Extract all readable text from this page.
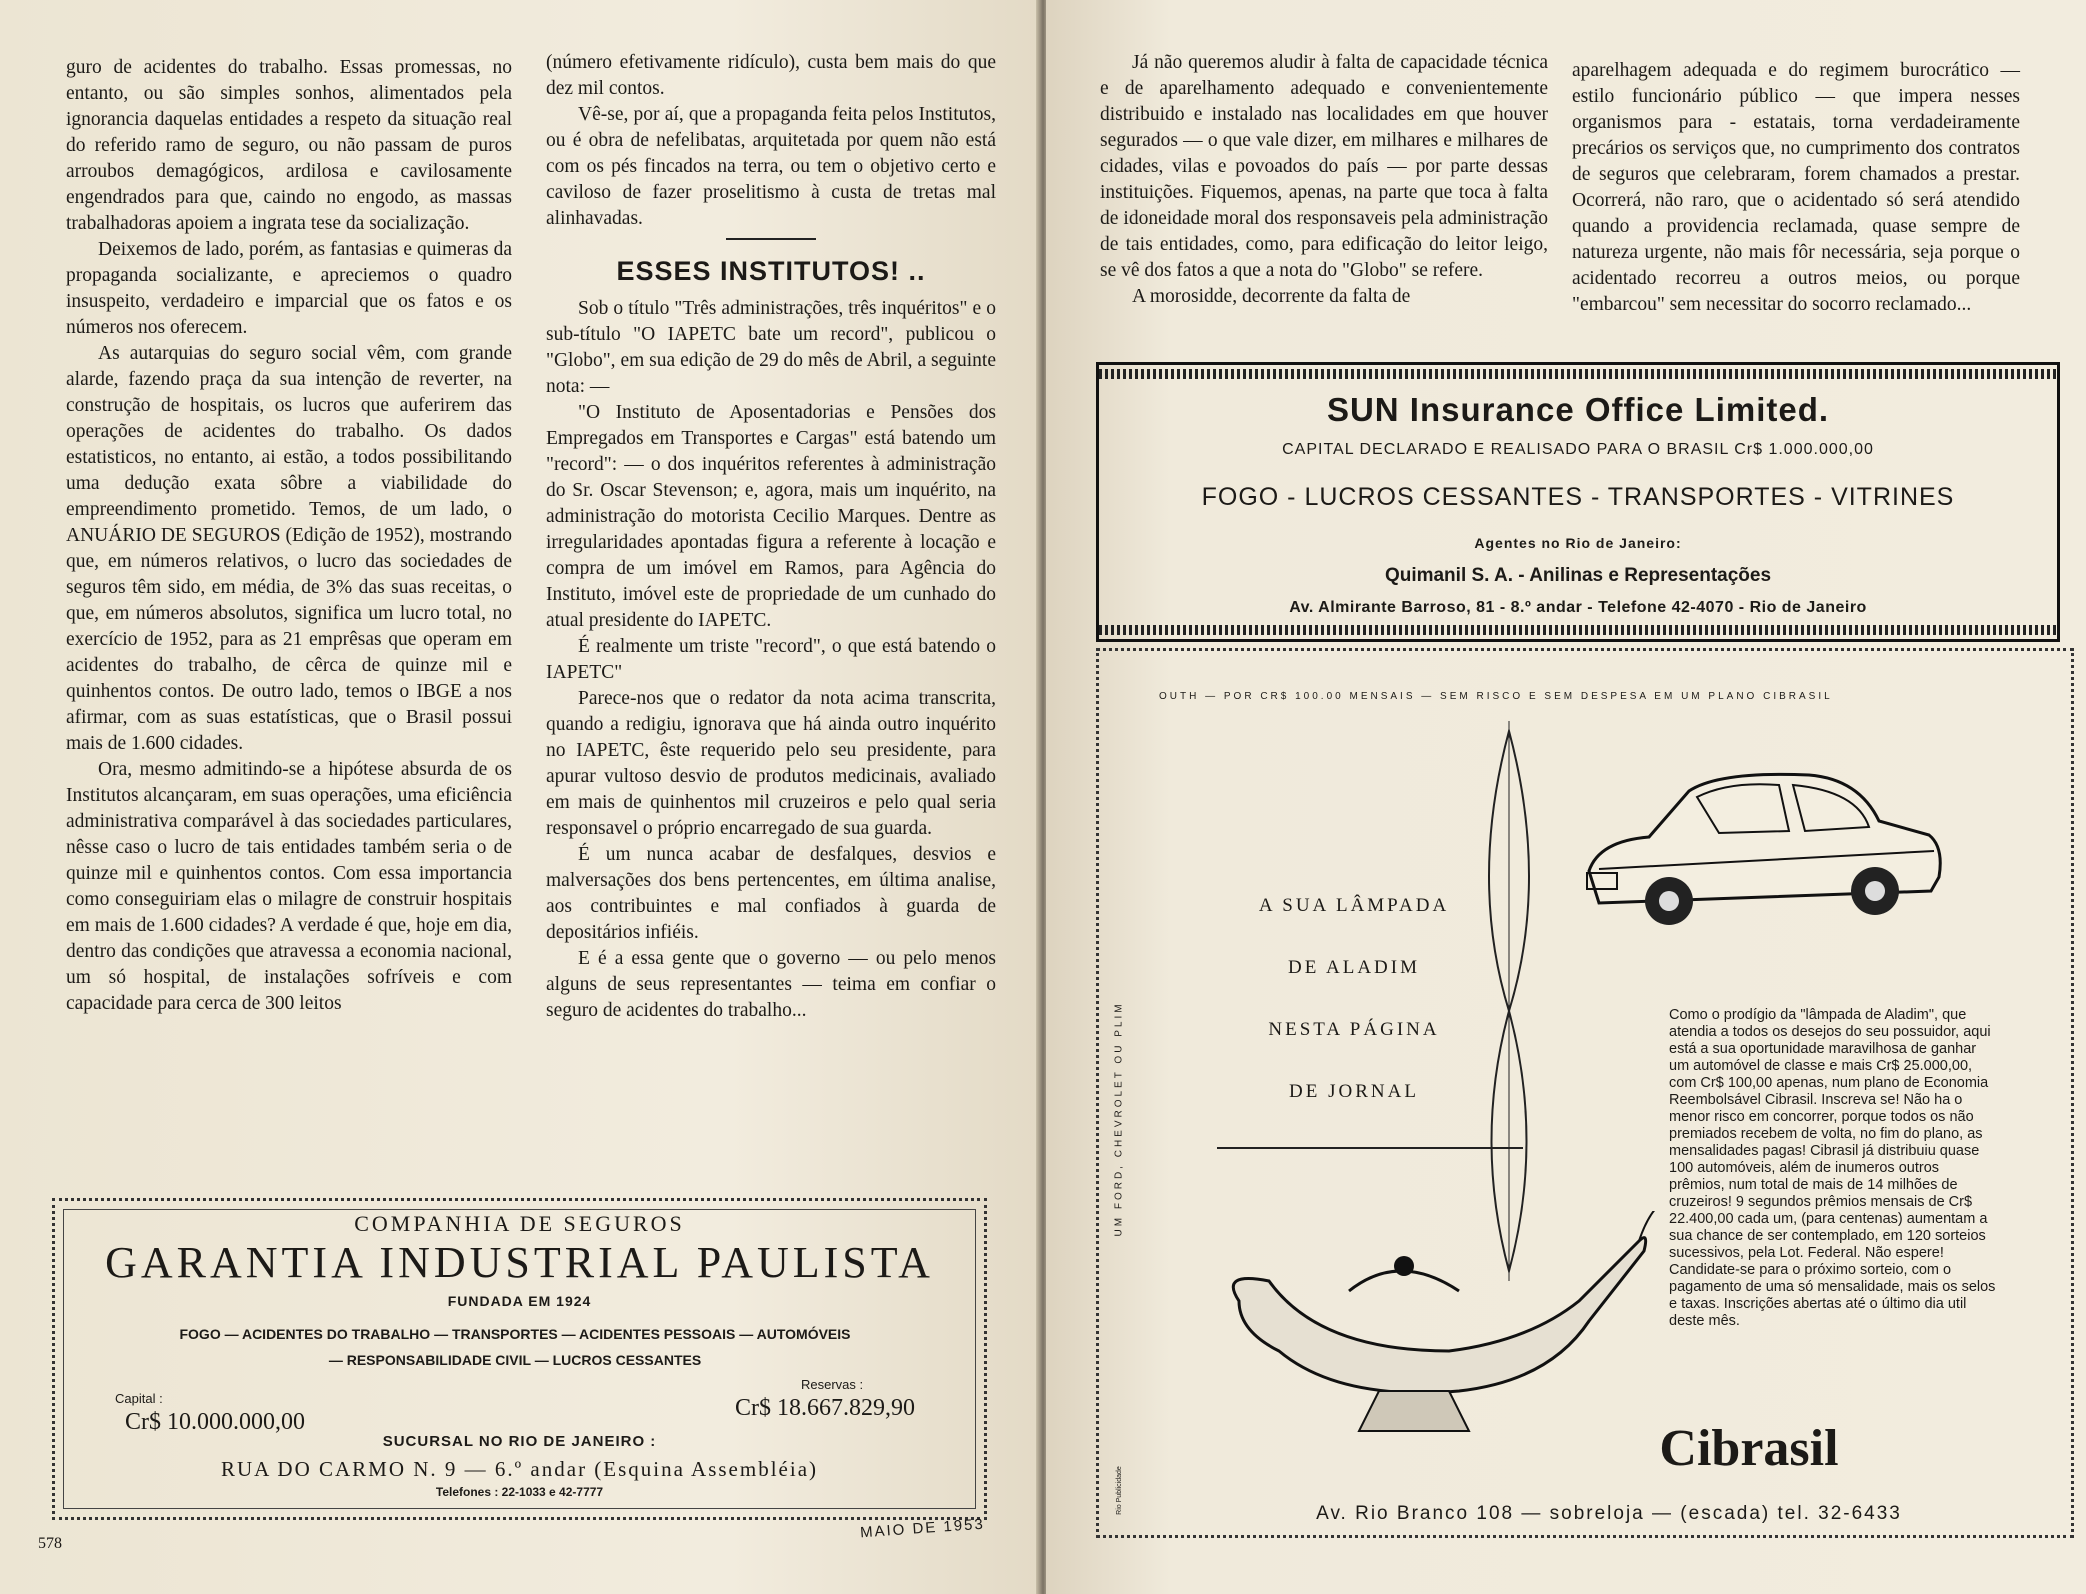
guro de acidentes do trabalho. Essas promessas, no entanto, ou são simples sonhos, alimentados pela ignorancia daquelas entidades a respeto da situação real do referido ramo de seguro, ou não passam de puros arroubos demagógicos, ardilosa e cavilosamente engendrados para que, caindo no engodo, as massas trabalhadoras apoiem a ingrata tese da socialização.

Deixemos de lado, porém, as fantasias e quimeras da propaganda socializante, e apreciemos o quadro insuspeito, verdadeiro e imparcial que os fatos e os números nos oferecem.

As autarquias do seguro social vêm, com grande alarde, fazendo praça da sua intenção de reverter, na construção de hospitais, os lucros que auferirem das operações de acidentes do trabalho. Os dados estatisticos, no entanto, ai estão, a todos possibilitando uma dedução exata sôbre a viabilidade do empreendimento prometido. Temos, de um lado, o ANUÁRIO DE SEGUROS (Edição de 1952), mostrando que, em números relativos, o lucro das sociedades de seguros têm sido, em média, de 3% das suas receitas, o que, em números absolutos, significa um lucro total, no exercício de 1952, para as 21 emprêsas que operam em acidentes do trabalho, de cêrca de quinze mil e quinhentos contos. De outro lado, temos o IBGE a nos afirmar, com as suas estatísticas, que o Brasil possui mais de 1.600 cidades.

Ora, mesmo admitindo-se a hipótese absurda de os Institutos alcançaram, em suas operações, uma eficiência administrativa comparável à das sociedades particulares, nêsse caso o lucro de tais entidades também seria o de quinze mil e quinhentos contos. Com essa importancia como conseguiriam elas o milagre de construir hospitais em mais de 1.600 cidades? A verdade é que, hoje em dia, dentro das condições que atravessa a economia nacional, um só hospital, de instalações sofríveis e com capacidade para cerca de 300 leitos

(número efetivamente ridículo), custa bem mais do que dez mil contos.

Vê-se, por aí, que a propaganda feita pelos Institutos, ou é obra de nefelibatas, arquitetada por quem não está com os pés fincados na terra, ou tem o objetivo certo e caviloso de fazer proselitismo à custa de tretas mal alinhavadas.

ESSES INSTITUTOS! ..

Sob o título "Três administrações, três inquéritos" e o sub-título "O IAPETC bate um record", publicou o "Globo", em sua edição de 29 do mês de Abril, a seguinte nota: —

"O Instituto de Aposentadorias e Pensões dos Empregados em Transportes e Cargas" está batendo um "record": — o dos inquéritos referentes à administração do Sr. Oscar Stevenson; e, agora, mais um inquérito, na administração do motorista Cecilio Marques. Dentre as irregularidades apontadas figura a referente à locação e compra de um imóvel em Ramos, para Agência do Instituto, imóvel este de propriedade de um cunhado do atual presidente do IAPETC.

É realmente um triste "record", o que está batendo o IAPETC"

Parece-nos que o redator da nota acima transcrita, quando a redigiu, ignorava que há ainda outro inquérito no IAPETC, êste requerido pelo seu presidente, para apurar vultoso desvio de produtos medicinais, avaliado em mais de quinhentos mil cruzeiros e pelo qual seria responsavel o próprio encarregado de sua guarda.

É um nunca acabar de desfalques, desvios e malversações dos bens pertencentes, em última analise, aos contribuintes e mal confiados à guarda de depositários infiéis.

E é a essa gente que o governo — ou pelo menos alguns de seus representantes — teima em confiar o seguro de acidentes do trabalho...

COMPANHIA DE SEGUROS
GARANTIA INDUSTRIAL PAULISTA
FUNDADA EM 1924
FOGO — ACIDENTES DO TRABALHO — TRANSPORTES — ACIDENTES PESSOAIS — AUTOMÓVEIS
— RESPONSABILIDADE CIVIL — LUCROS CESSANTES
Capital :
Cr$ 10.000.000,00
Reservas :
Cr$ 18.667.829,90
SUCURSAL NO RIO DE JANEIRO :
RUA DO CARMO N. 9 — 6.º andar (Esquina Assembléia)
Telefones : 22-1033 e 42-7777
578
MAIO DE 1953

Já não queremos aludir à falta de capacidade técnica e de aparelhamento adequado e convenientemente distribuido e instalado nas localidades em que houver segurados — o que vale dizer, em milhares e milhares de cidades, vilas e povoados do país — por parte dessas instituições. Fiquemos, apenas, na parte que toca à falta de idoneidade moral dos responsaveis pela administração de tais entidades, como, para edificação do leitor leigo, se vê dos fatos a que a nota do "Globo" se refere.

A morosidde, decorrente da falta de

aparelhagem adequada e do regimem burocrático — estilo funcionário público — que impera nesses organismos para - estatais, torna verdadeiramente precários os serviços que, no cumprimento dos contratos de seguros que celebraram, forem chamados a prestar. Ocorrerá, não raro, que o acidentado só será atendido quando a providencia reclamada, quase sempre de natureza urgente, não mais fôr necessária, seja porque o acidentado recorreu a outros meios, ou porque "embarcou" sem necessitar do socorro reclamado...

SUN Insurance Office Limited.
CAPITAL DECLARADO E REALISADO PARA O BRASIL Cr$ 1.000.000,00
FOGO - LUCROS CESSANTES - TRANSPORTES - VITRINES
Agentes no Rio de Janeiro:
Quimanil S. A. - Anilinas e Representações
Av. Almirante Barroso, 81 - 8.º andar - Telefone 42-4070 - Rio de Janeiro
OUTH — POR CR$ 100.00 MENSAIS — SEM RISCO E SEM DESPESA EM UM PLANO CIBRASIL
UM FORD, CHEVROLET OU PLIM
A SUA LÂMPADA
DE ALADIM
NESTA PÁGINA
DE JORNAL
Como o prodígio da "lâmpada de Aladim", que atendia a todos os desejos do seu possuidor, aqui está a sua oportunidade maravilhosa de ganhar um automóvel de classe e mais Cr$ 25.000,00, com Cr$ 100,00 apenas, num plano de Economia Reembolsável Cibrasil. Inscreva se! Não ha o menor risco em concorrer, porque todos os não premiados recebem de volta, no fim do plano, as mensalidades pagas! Cibrasil já distribuiu quase 100 automóveis, além de inumeros outros prêmios, num total de mais de 14 milhões de cruzeiros! 9 segundos prêmios mensais de Cr$ 22.400,00 cada um, (para centenas) aumentam a sua chance de ser contemplado, em 120 sorteios sucessivos, pela Lot. Federal. Não espere! Candidate-se para o próximo sorteio, com o pagamento de uma só mensalidade, mais os selos e taxas. Inscrições abertas até o último dia util deste mês.
Cibrasil
Av. Rio Branco 108 — sobreloja — (escada) tel. 32-6433
Rio Publicidade
